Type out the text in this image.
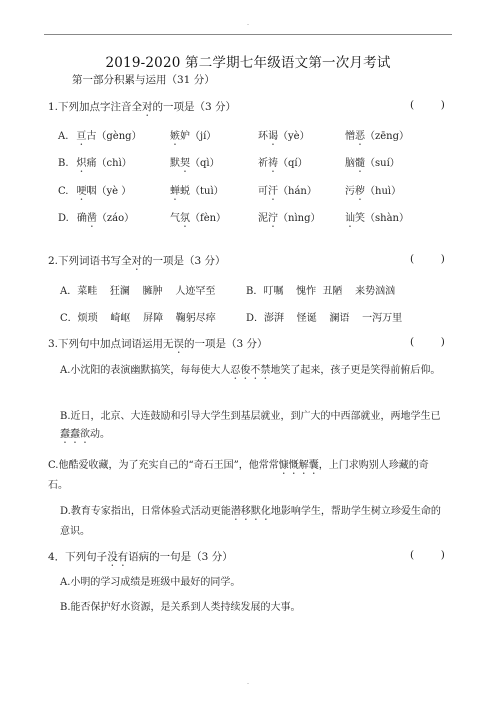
-
2019-2020 第二学期七年级语文第一次月考试
第一部分积累与运用（31 分）
1.下列加点字注音全对的一项是（3 分）	(        )
A. 亘古（gèng）	嫉妒（jí）	环谒（yè）	憎恶（zēng）
B. 炽痛（chì）	默契（qì）	祈祷（qí）	脑髓（suí）
C. 哽咽（yè ）	蝉蜕（tuì）	可汗（hán）	污秽（huì）
D. 确凿（záo）	气氛（fèn）	泥泞（nìng） 讪笑（shàn）
2.下列词语书写全对的一项是（3 分）	(        )
A．菜畦    狂澜    臃肿    人迹罕至	B．叮嘱    愧怍  丑陋    来势汹汹
C．烦琐    崎岖    屏障    鞠躬尽瘁	D．澎湃    怪诞    澜语    一泻万里
3.下列句中加点词语运用无误的一项是（3 分）	(        )
A.小沈阳的表演幽默搞笑，每每使大人忍俊不禁地笑了起来，孩子更是笑得前俯后仰。
B.近日，北京、大连鼓励和引导大学生到基层就业，到广大的中西部就业，两地学生已蠢蠢欲动。
C.他酷爱收藏，为了充实自己的“奇石王国”，他常常慷慨解囊，上门求购别人珍藏的奇石。
D.教育专家指出，日常体验式活动更能潜移默化地影响学生，帮助学生树立珍爱生命的意识。
4．下列句子没有语病的一句是（3 分）	(        )
A.小明的学习成绩是班级中最好的同学。
B.能否保护好水资源，是关系到人类持续发展的大事。
-
